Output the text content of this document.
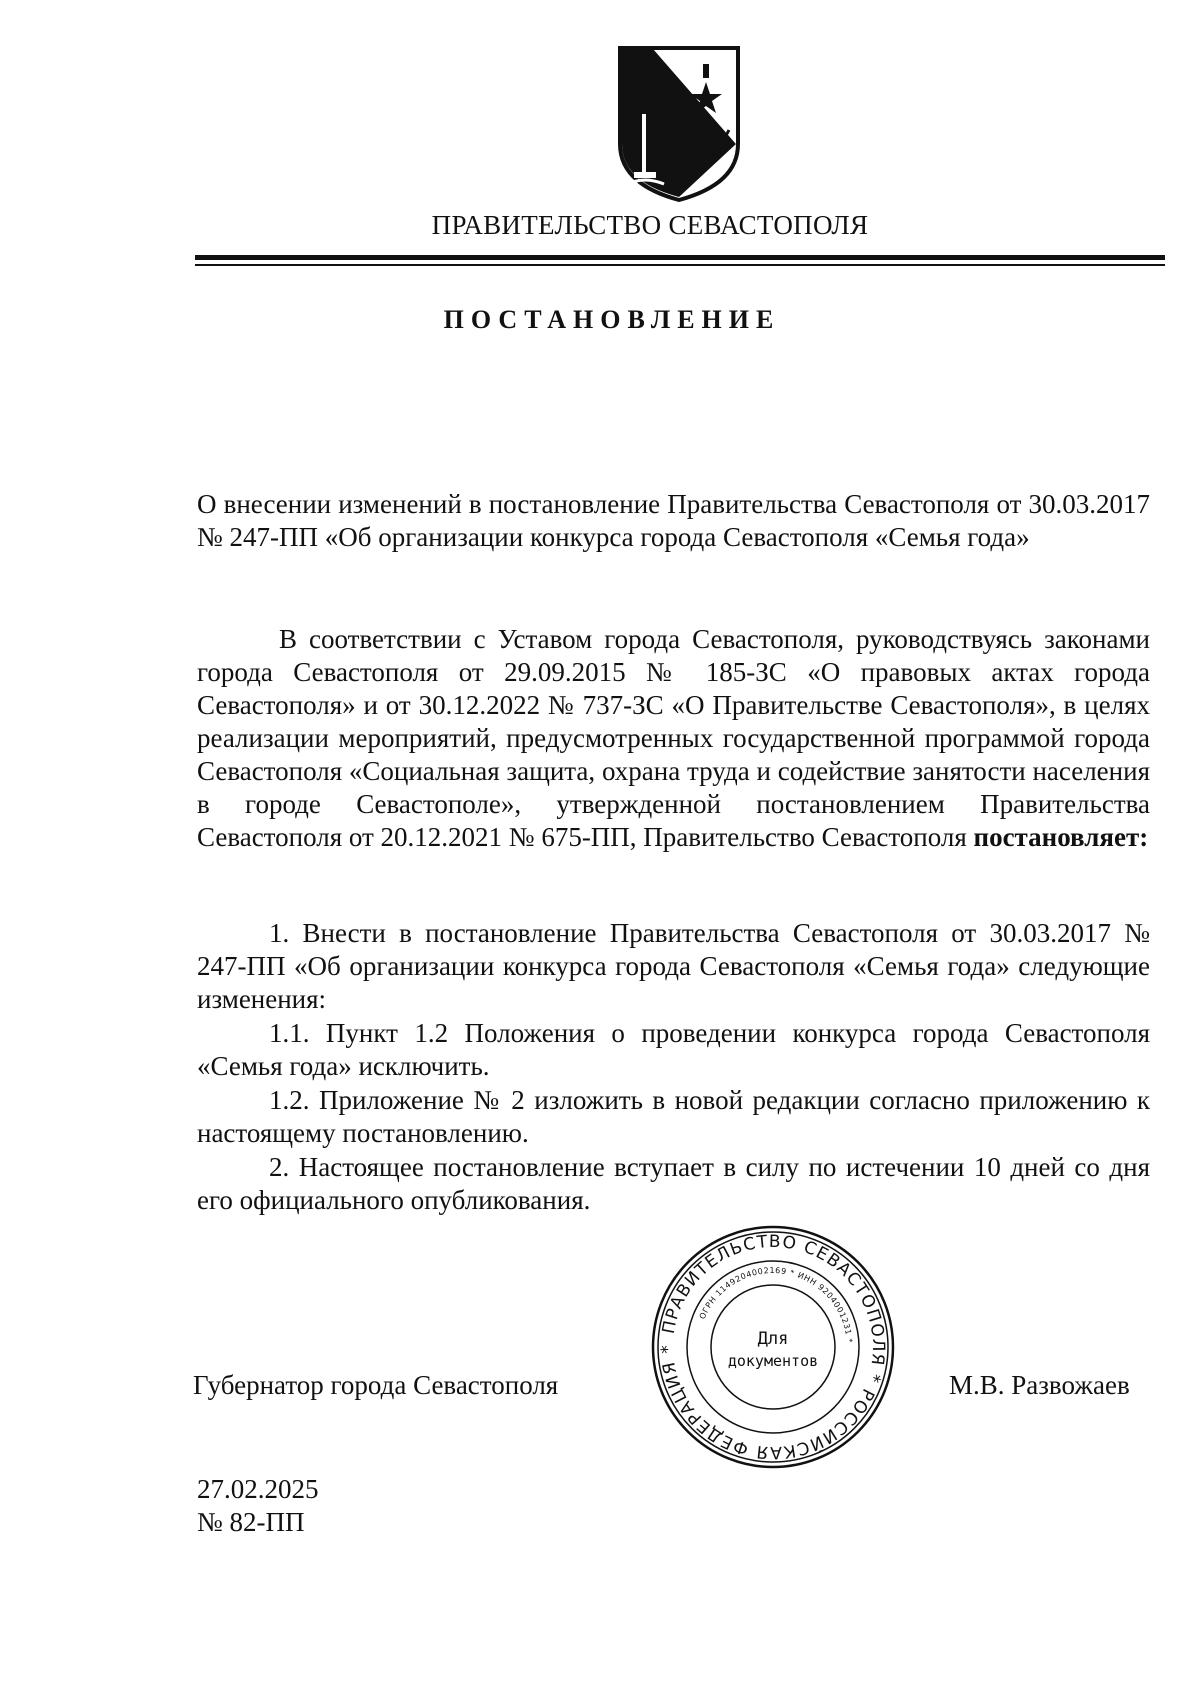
ПРАВИТЕЛЬСТВО СЕВАСТОПОЛЯ
ПОСТАНОВЛЕНИЕ
О внесении изменений в постановление Правительства Севастополя от 30.03.2017 № 247-ПП «Об организации конкурса города Севастополя «Семья года»
В соответствии с Уставом города Севастополя, руководствуясь законами города Севастополя от 29.09.2015 № 185-ЗС «О правовых актах города Севастополя» и от 30.12.2022 № 737-ЗС «О Правительстве Севастополя», в целях реализации мероприятий, предусмотренных государственной программой города Севастополя «Социальная защита, охрана труда и содействие занятости населения в городе Севастополе», утвержденной постановлением Правительства Севастополя от 20.12.2021 № 675-ПП, Правительство Севастополя постановляет:
1. Внести в постановление Правительства Севастополя от 30.03.2017 № 247-ПП «Об организации конкурса города Севастополя «Семья года» следующие изменения:
1.1. Пункт 1.2 Положения о проведении конкурса города Севастополя «Семья года» исключить.
1.2. Приложение № 2 изложить в новой редакции согласно приложению к настоящему постановлению.
2. Настоящее постановление вступает в силу по истечении 10 дней со дня его официального опубликования.
Губернатор города Севастополя	М.В. Развожаев
ПРАВИТЕЛЬСТВО СЕВАСТОПОЛЯ * РОССИЙСКАЯ ФЕДЕРАЦИЯ *
ОГРН 1149204002169 * ИНН 9204001231 *
Для
документов
27.02.2025
№ 82-ПП
